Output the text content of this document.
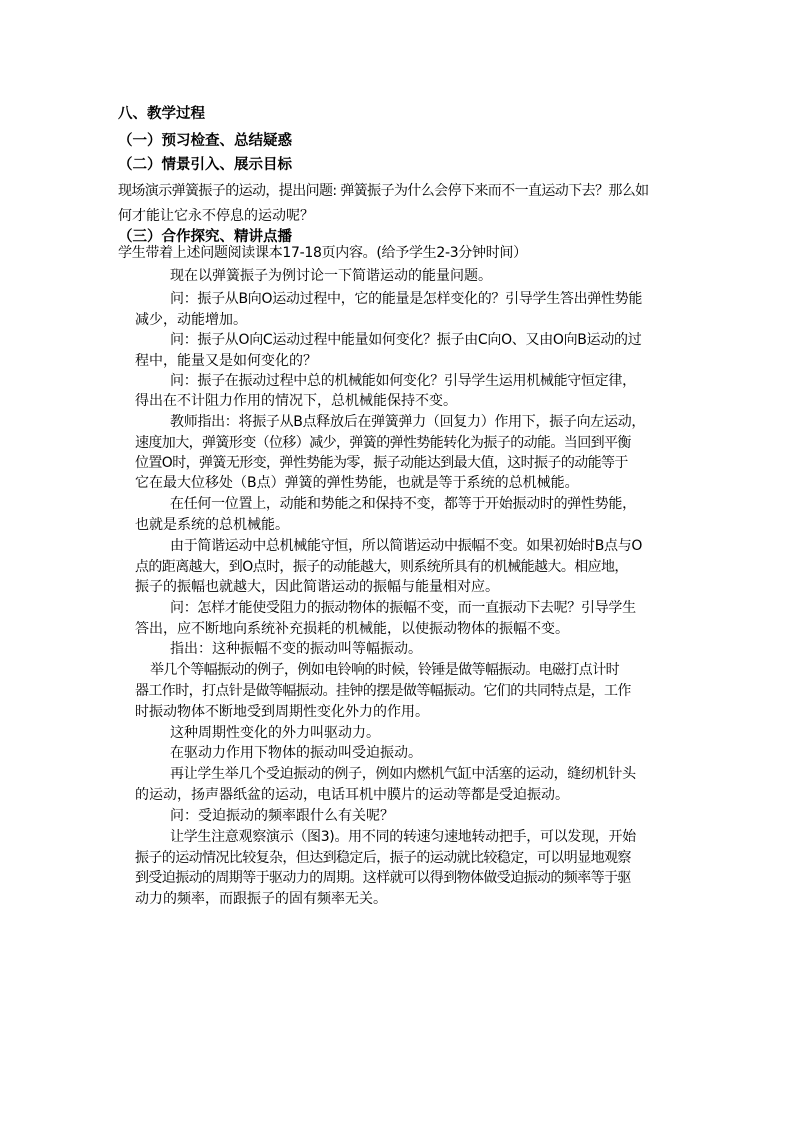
八、教学过程
（一）预习检查、总结疑惑
（二）情景引入、展示目标
现场演示弹簧振子的运动，提出问题: 弹簧振子为什么会停下来而不一直运动下去？那么如
何才能让它永不停息的运动呢？
（三）合作探究、精讲点播
学生带着上述问题阅读课本17-18页内容。(给予学生2-3分钟时间）
现在以弹簧振子为例讨论一下简谐运动的能量问题。
问：振子从B向O运动过程中，它的能量是怎样变化的？引导学生答出弹性势能
减少，动能增加。
问：振子从O向C运动过程中能量如何变化？振子由C向O、又由O向B运动的过
程中，能量又是如何变化的？
问：振子在振动过程中总的机械能如何变化？引导学生运用机械能守恒定律，
得出在不计阻力作用的情况下，总机械能保持不变。
教师指出：将振子从B点释放后在弹簧弹力（回复力）作用下，振子向左运动，
速度加大，弹簧形变（位移）减少，弹簧的弹性势能转化为振子的动能。当回到平衡
位置O时，弹簧无形变，弹性势能为零，振子动能达到最大值，这时振子的动能等于
它在最大位移处（B点）弹簧的弹性势能，也就是等于系统的总机械能。
在任何一位置上，动能和势能之和保持不变，都等于开始振动时的弹性势能，
也就是系统的总机械能。
由于简谐运动中总机械能守恒，所以简谐运动中振幅不变。如果初始时B点与O
点的距离越大，到O点时，振子的动能越大，则系统所具有的机械能越大。相应地，
振子的振幅也就越大，因此简谐运动的振幅与能量相对应。
问：怎样才能使受阻力的振动物体的振幅不变，而一直振动下去呢？引导学生
答出，应不断地向系统补充损耗的机械能，以使振动物体的振幅不变。
指出：这种振幅不变的振动叫等幅振动。
举几个等幅振动的例子，例如电铃响的时候，铃锤是做等幅振动。电磁打点计时
器工作时，打点针是做等幅振动。挂钟的摆是做等幅振动。它们的共同特点是，工作
时振动物体不断地受到周期性变化外力的作用。
这种周期性变化的外力叫驱动力。
在驱动力作用下物体的振动叫受迫振动。
再让学生举几个受迫振动的例子，例如内燃机气缸中活塞的运动，缝纫机针头
的运动，扬声器纸盆的运动，电话耳机中膜片的运动等都是受迫振动。
问：受迫振动的频率跟什么有关呢？
让学生注意观察演示（图3)。用不同的转速匀速地转动把手，可以发现，开始
振子的运动情况比较复杂，但达到稳定后，振子的运动就比较稳定，可以明显地观察
到受迫振动的周期等于驱动力的周期。这样就可以得到物体做受迫振动的频率等于驱
动力的频率，而跟振子的固有频率无关。
